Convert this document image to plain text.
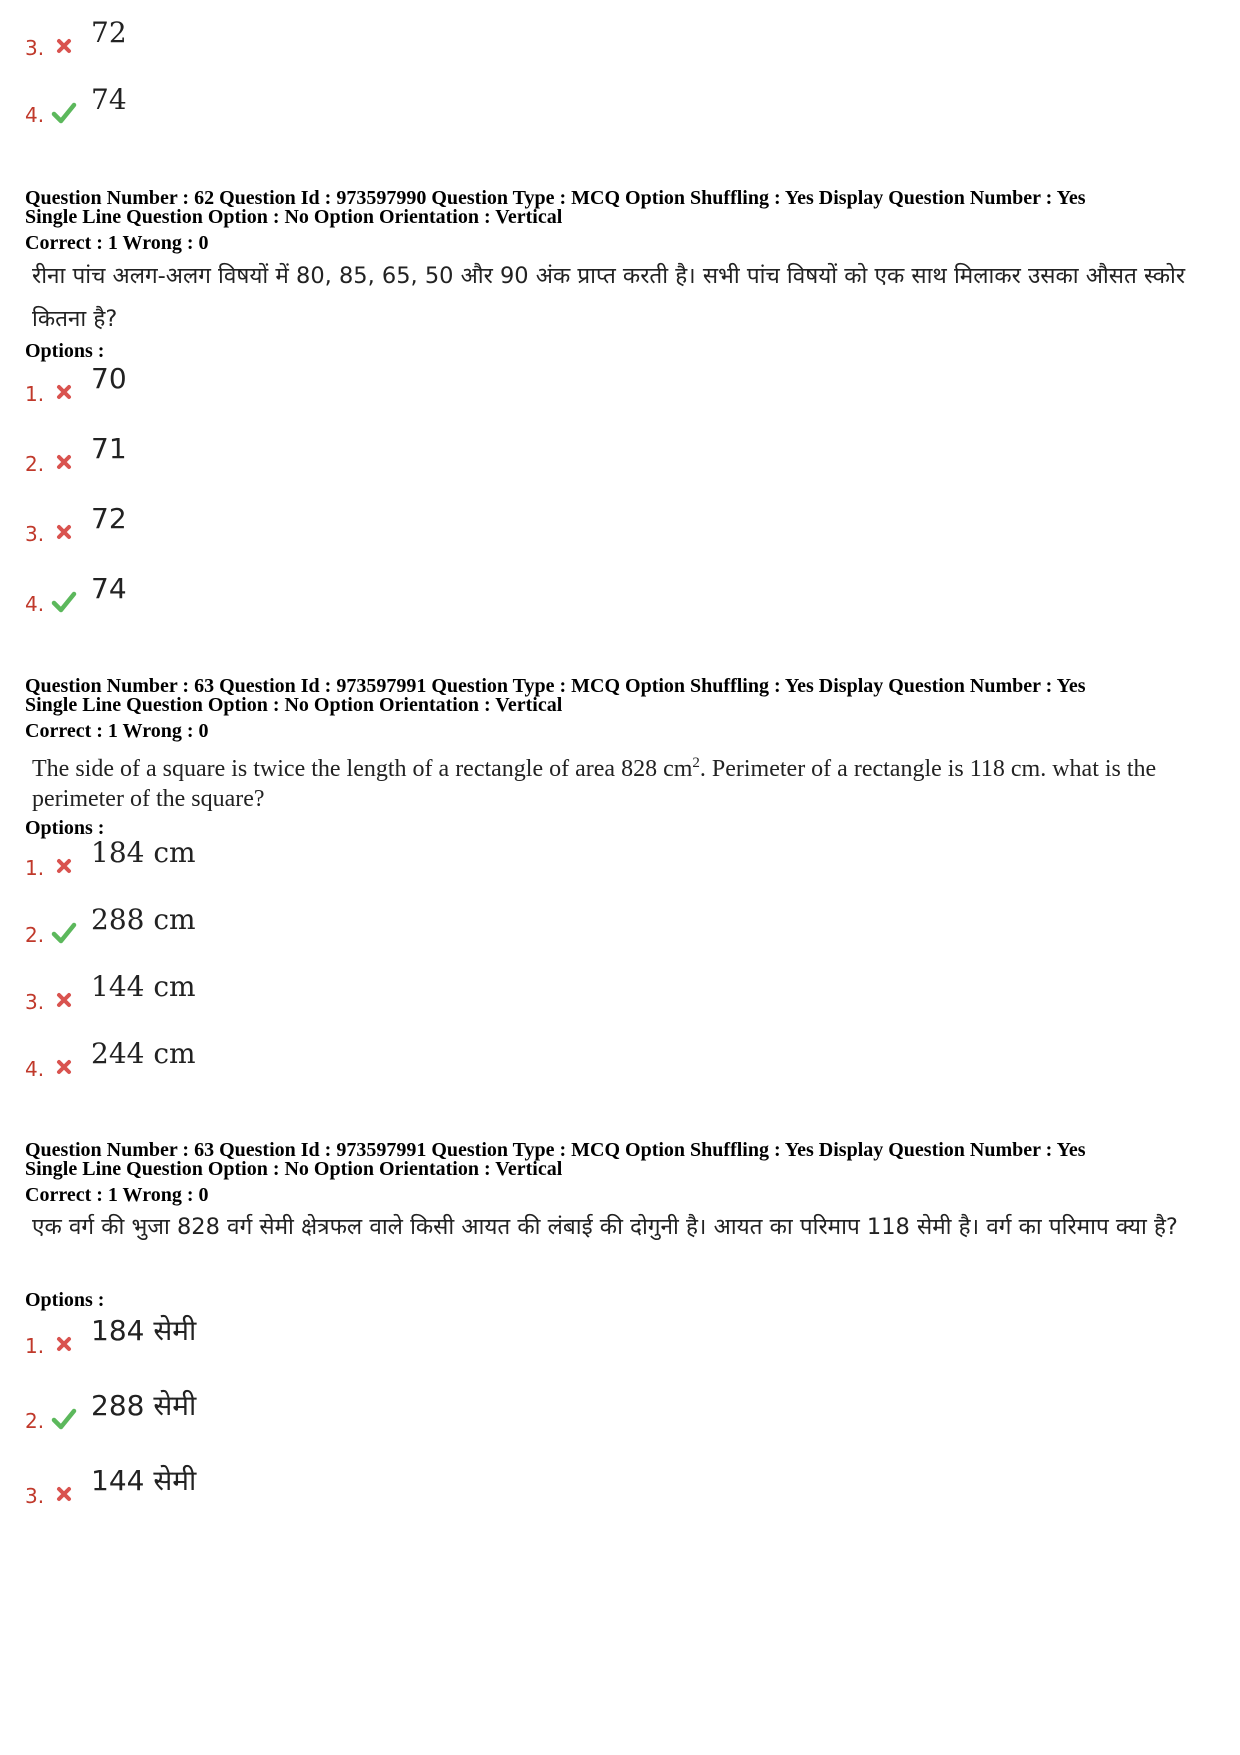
3. 72
4. 74
Question Number : 62 Question Id : 973597990 Question Type : MCQ Option Shuffling : Yes Display Question Number : Yes
Single Line Question Option : No Option Orientation : Vertical
Correct : 1 Wrong : 0
रीना पांच अलग-अलग विषयों में 80, 85, 65, 50 और 90 अंक प्राप्त करती है। सभी पांच विषयों को एक साथ मिलाकर उसका औसत स्कोर कितना है?
Options :
1. 70
2. 71
3. 72
4. 74
Question Number : 63 Question Id : 973597991 Question Type : MCQ Option Shuffling : Yes Display Question Number : Yes
Single Line Question Option : No Option Orientation : Vertical
Correct : 1 Wrong : 0
The side of a square is twice the length of a rectangle of area 828 $cm^2$. Perimeter of a rectangle is 118 cm. what is the perimeter of the square?
Options :
1. 184 cm
2. 288 cm
3. 144 cm
4. 244 cm
Question Number : 63 Question Id : 973597991 Question Type : MCQ Option Shuffling : Yes Display Question Number : Yes
Single Line Question Option : No Option Orientation : Vertical
Correct : 1 Wrong : 0
एक वर्ग की भुजा 828 वर्ग सेमी क्षेत्रफल वाले किसी आयत की लंबाई की दोगुनी है। आयत का परिमाप 118 सेमी है। वर्ग का परिमाप क्या है?
Options :
1. 184 सेमी
2. 288 सेमी
3. 144 सेमी
